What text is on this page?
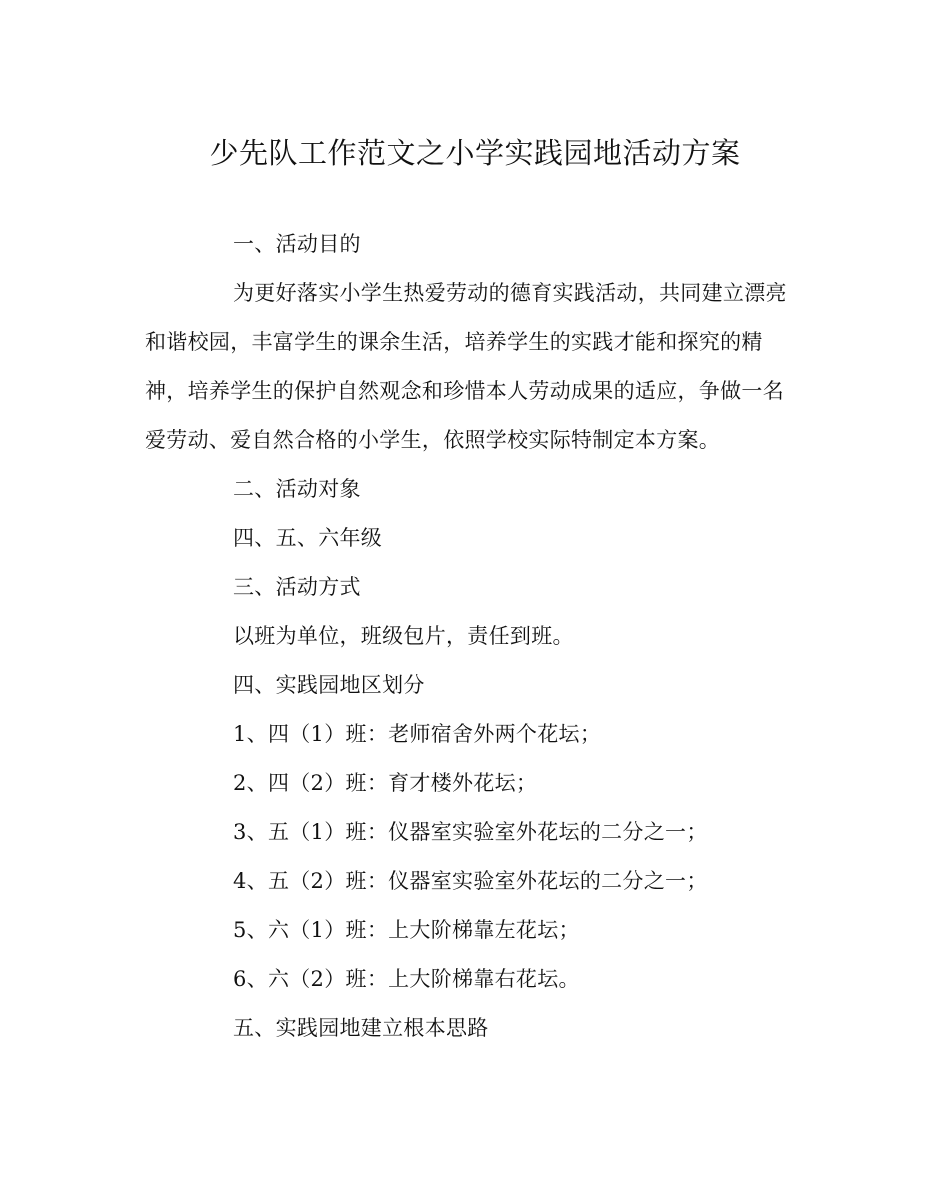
少先队工作范文之小学实践园地活动方案
一、活动目的
为更好落实小学生热爱劳动的德育实践活动，共同建立漂亮
和谐校园，丰富学生的课余生活，培养学生的实践才能和探究的精
神，培养学生的保护自然观念和珍惜本人劳动成果的适应，争做一名
爱劳动、爱自然合格的小学生，依照学校实际特制定本方案。
二、活动对象
四、五、六年级
三、活动方式
以班为单位，班级包片，责任到班。
四、实践园地区划分
1、四（1）班：老师宿舍外两个花坛；
2、四（2）班：育才楼外花坛；
3、五（1）班：仪器室实验室外花坛的二分之一；
4、五（2）班：仪器室实验室外花坛的二分之一；
5、六（1）班：上大阶梯靠左花坛；
6、六（2）班：上大阶梯靠右花坛。
五、实践园地建立根本思路
